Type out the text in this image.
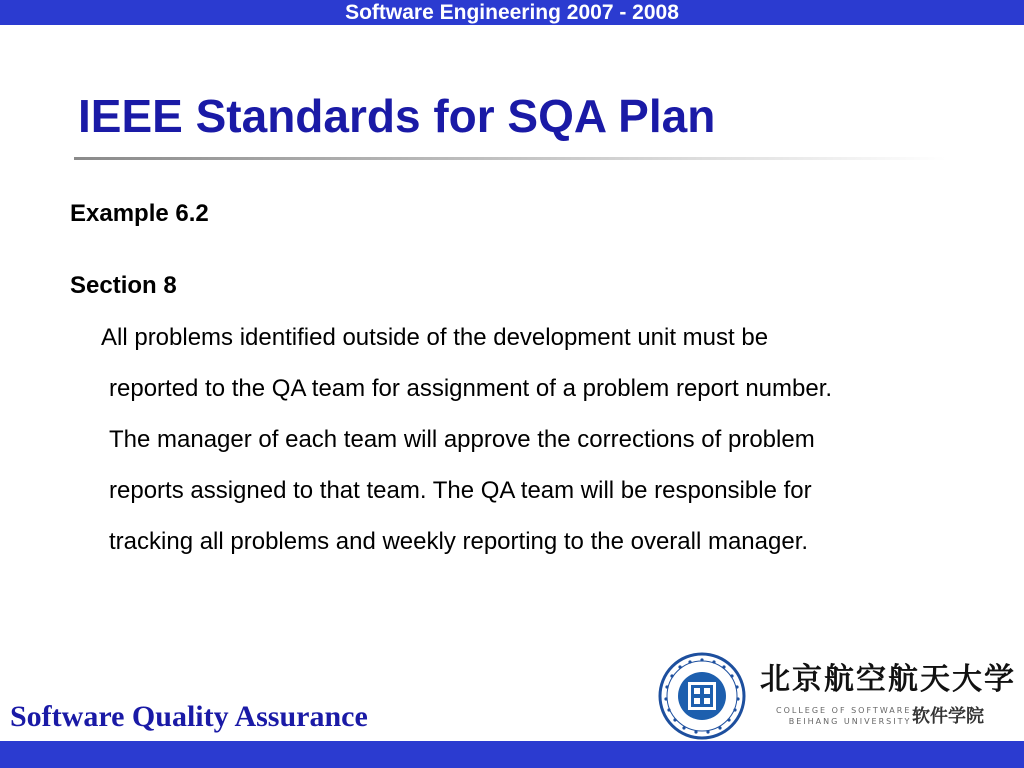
Software Engineering 2007 - 2008
IEEE Standards for SQA Plan
Example 6.2
Section 8
All problems identified outside of the development unit must be
reported to the QA team for assignment of a problem report number.
The manager of each team will approve the corrections of problem
reports assigned to that team. The QA team will be responsible for
tracking all problems and weekly reporting to the overall manager.
Software Quality Assurance
北京航空航天大学
COLLEGE OF SOFTWARE
BEIHANG UNIVERSITY 软件学院
